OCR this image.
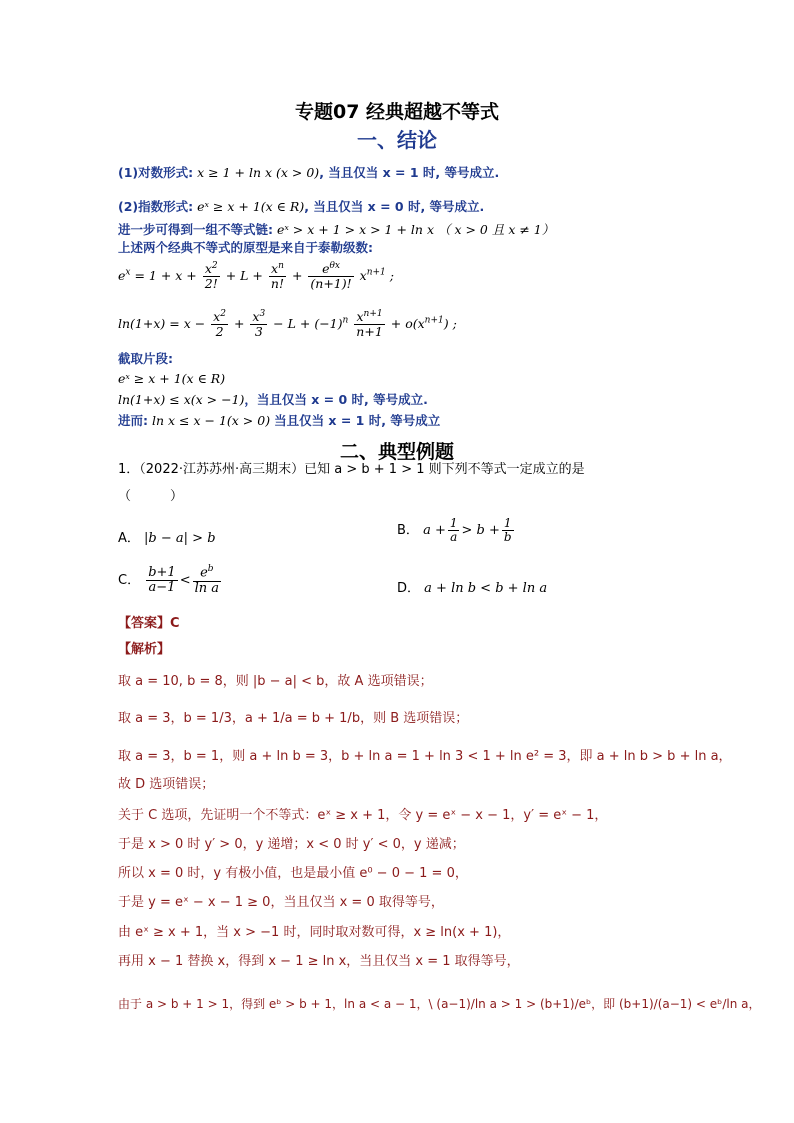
专题07 经典超越不等式
一、结论
(1)对数形式: x ≥ 1 + ln x (x > 0), 当且仅当 x = 1 时, 等号成立.
(2)指数形式: eˣ ≥ x + 1(x ∈ R), 当且仅当 x = 0 时, 等号成立.
进一步可得到一组不等式链: eˣ > x + 1 > x > 1 + ln x （ x > 0 且 x ≠ 1）
上述两个经典不等式的原型是来自于泰勒级数:
$e^x = 1 + x + \frac{x^2}{2!} + L + \frac{x^n}{n!} + \frac{e^{\theta x}}{(n+1)!} x^{n+1}$ ;
$\ln(1+x) = x - \frac{x^2}{2} + \frac{x^3}{3} - L + (-1)^n \frac{x^{n+1}}{n+1} + o(x^{n+1})$ ;
截取片段:
eˣ ≥ x + 1(x ∈ R)
ln(1+x) ≤ x(x > −1)，当且仅当 x = 0 时, 等号成立.
进而: ln x ≤ x − 1(x > 0) 当且仅当 x = 1 时, 等号成立
二、典型例题
1．（2022·江苏苏州·高三期末）已知 a > b + 1 > 1 则下列不等式一定成立的是
（　　　）
A． |b − a| > b
B． $a + \frac{1}{a} > b + \frac{1}{b}$
C． $\frac{b+1}{a-1} < \frac{e^b}{\text{ln a}}$	D． a + ln b < b + ln a
【答案】C
【解析】
取 a = 10, b = 8，则 |b − a| < b，故 A 选项错误；
取 a = 3，b = 1/3，a + 1/a = b + 1/b，则 B 选项错误；
取 a = 3，b = 1，则 a + ln b = 3，b + ln a = 1 + ln 3 < 1 + ln e² = 3，即 a + ln b > b + ln a，
故 D 选项错误；
关于 C 选项，先证明一个不等式：eˣ ≥ x + 1，令 y = eˣ − x − 1，y′ = eˣ − 1，
于是 x > 0 时 y′ > 0，y 递增；x < 0 时 y′ < 0，y 递减；
所以 x = 0 时，y 有极小值，也是最小值 e⁰ − 0 − 1 = 0，
于是 y = eˣ − x − 1 ≥ 0，当且仅当 x = 0 取得等号，
由 eˣ ≥ x + 1，当 x > −1 时，同时取对数可得，x ≥ ln(x + 1)，
再用 x − 1 替换 x，得到 x − 1 ≥ ln x，当且仅当 x = 1 取得等号，
由于 a > b + 1 > 1，得到 eᵇ > b + 1，ln a < a − 1，\ (a−1)/ln a > 1 > (b+1)/eᵇ，即 (b+1)/(a−1) < eᵇ/ln a，
